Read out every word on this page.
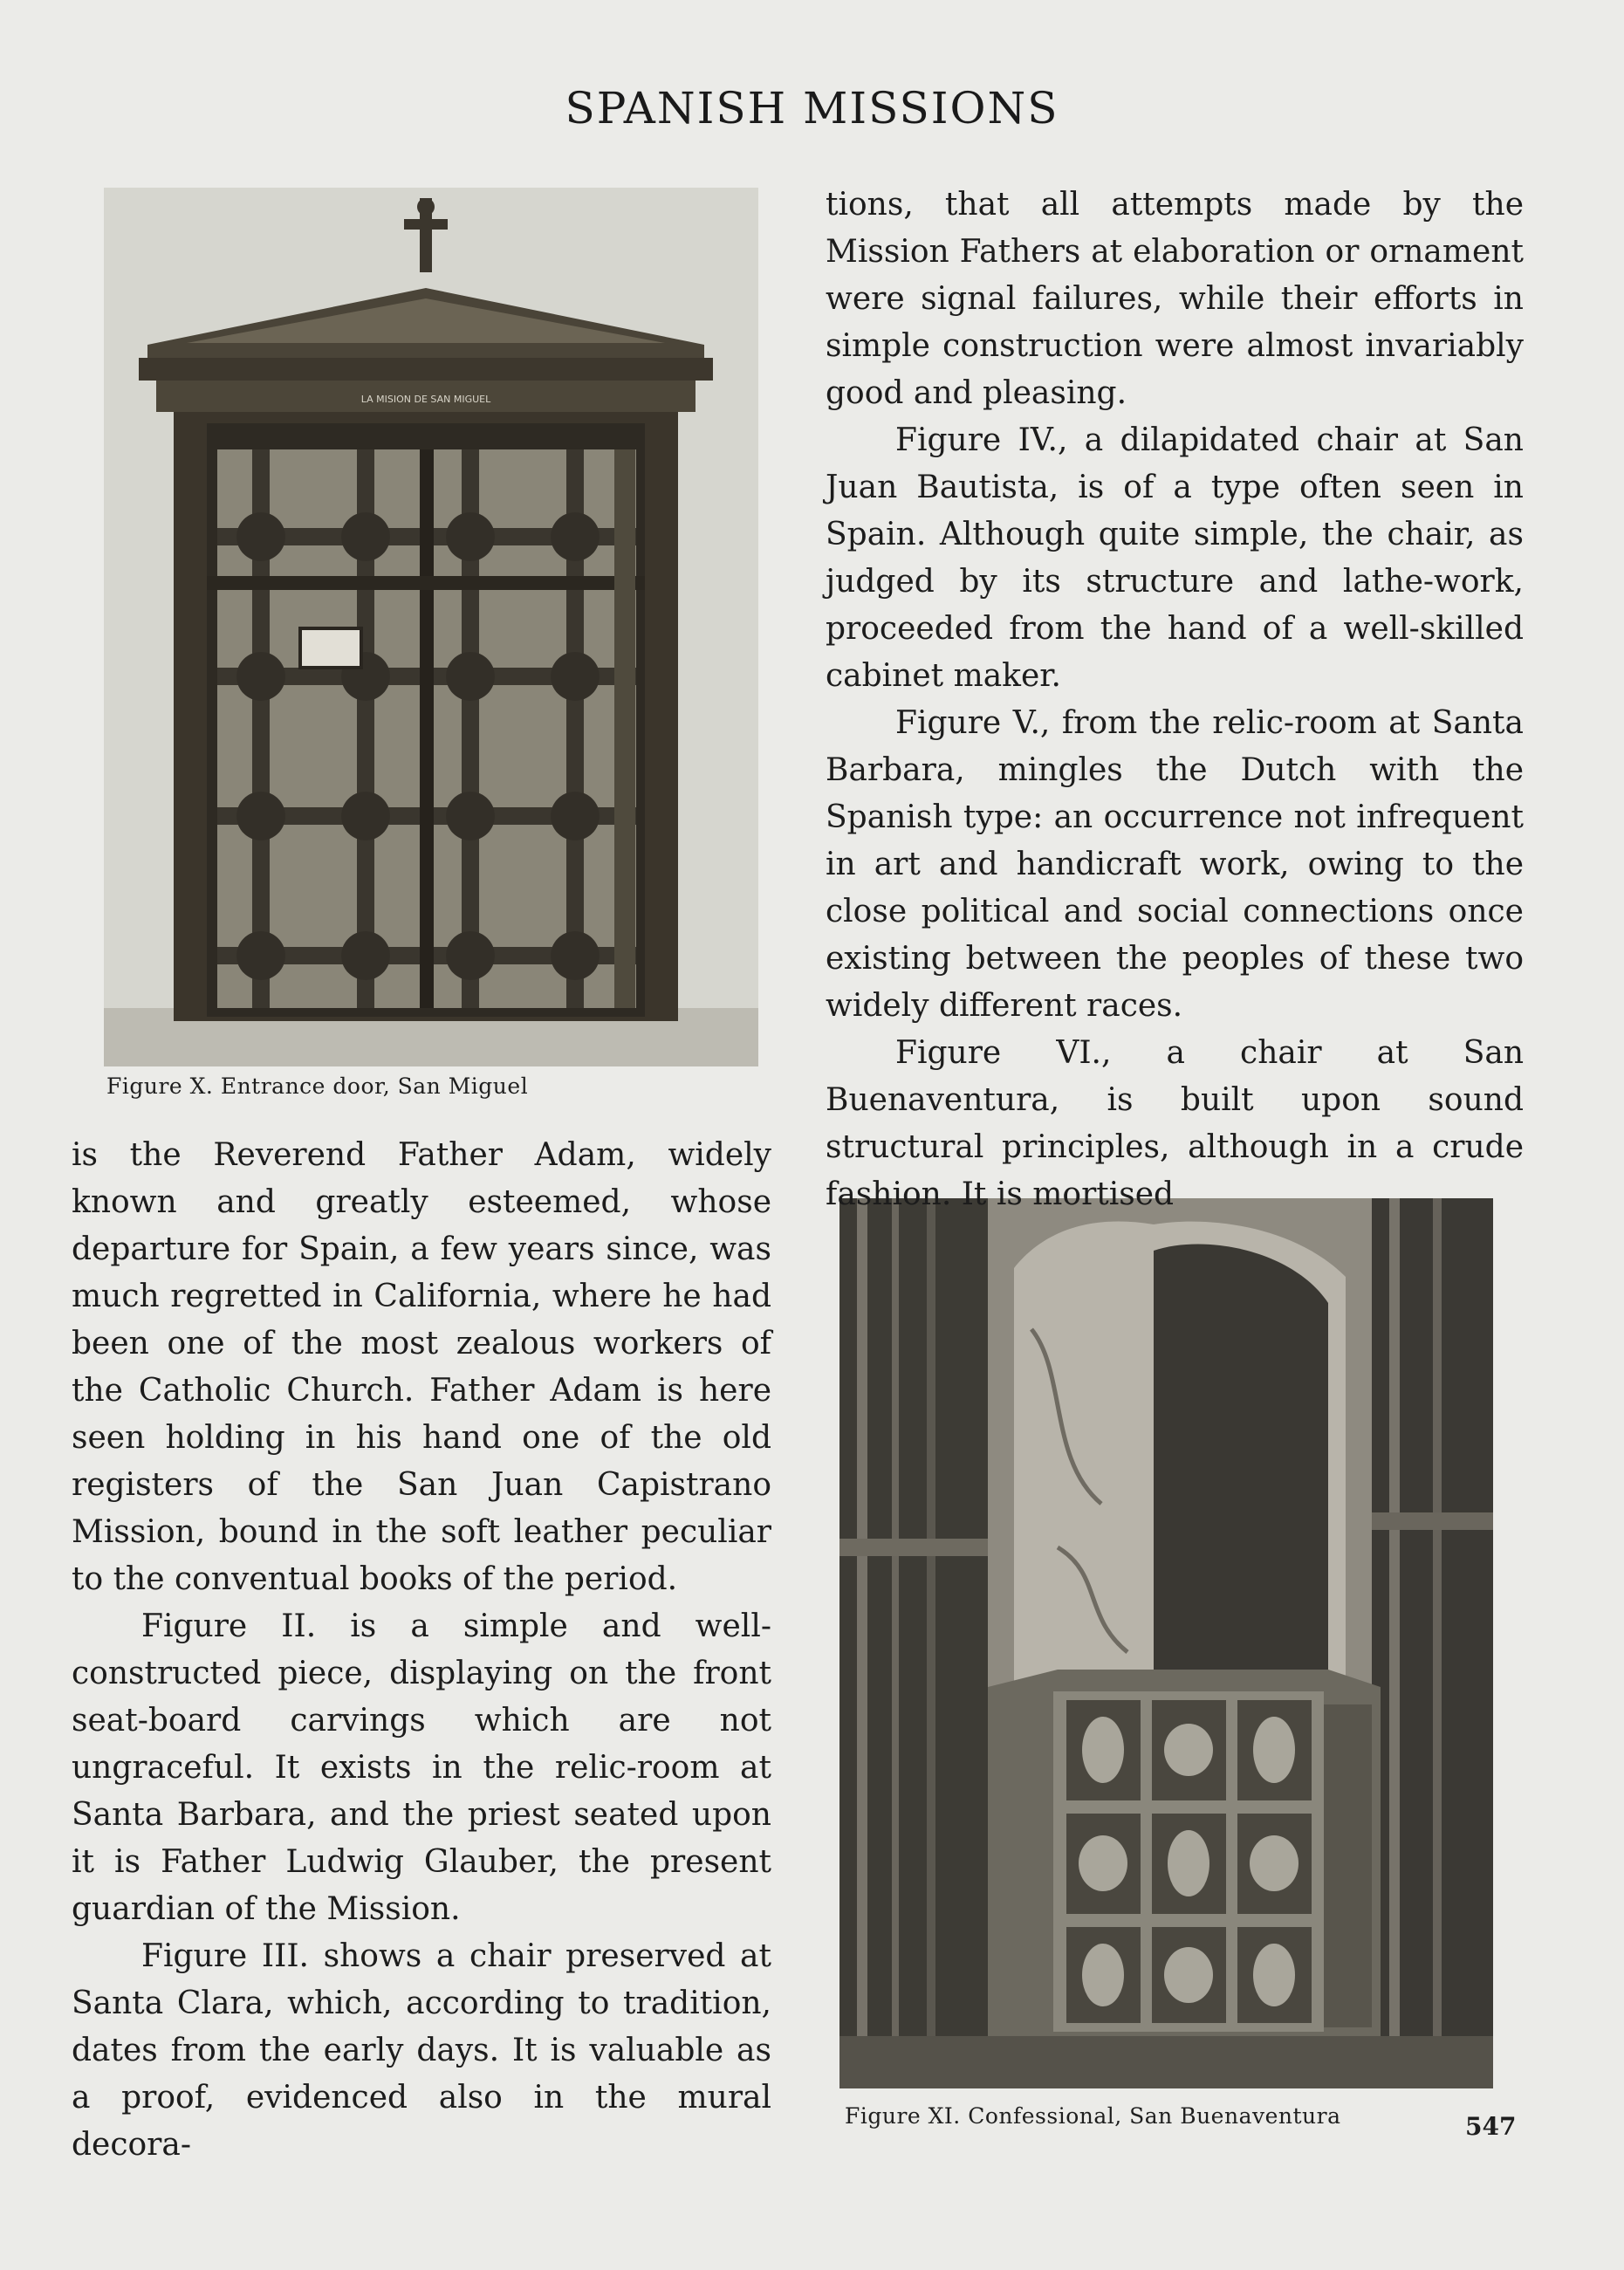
SPANISH MISSIONS
LA MISION DE SAN MIGUEL
Figure X. Entrance door, San Miguel
Figure XI. Confessional, San Buenaventura

is the Reverend Father Adam, widely known and greatly esteemed, whose departure for Spain, a few years since, was much regretted in California, where he had been one of the most zealous workers of the Catholic Church. Father Adam is here seen holding in his hand one of the old registers of the San Juan Capistrano Mission, bound in the soft leather peculiar to the conventual books of the period.

Figure II. is a simple and well-constructed piece, displaying on the front seat-board carvings which are not ungraceful. It exists in the relic-room at Santa Barbara, and the priest seated upon it is Father Ludwig Glauber, the present guardian of the Mission.

Figure III. shows a chair preserved at Santa Clara, which, according to tradition, dates from the early days. It is valuable as a proof, evidenced also in the mural decora-

tions, that all attempts made by the Mission Fathers at elaboration or ornament were signal failures, while their efforts in simple construction were almost invariably good and pleasing.

Figure IV., a dilapidated chair at San Juan Bautista, is of a type often seen in Spain. Although quite simple, the chair, as judged by its structure and lathe-work, proceeded from the hand of a well-skilled cabinet maker.

Figure V., from the relic-room at Santa Barbara, mingles the Dutch with the Spanish type: an occurrence not infrequent in art and handicraft work, owing to the close political and social connections once existing between the peoples of these two widely different races.

Figure VI., a chair at San Buenaventura, is built upon sound structural principles, although in a crude fashion. It is mortised

547
